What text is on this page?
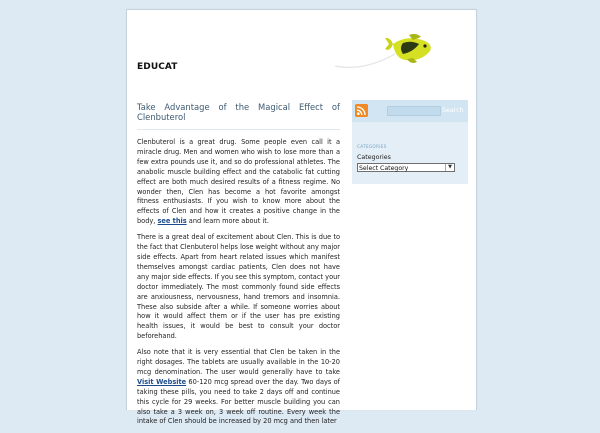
EDUCAT
Take Advantage of the Magical Effect of Clenbuterol

Clenbuterol is a great drug. Some people even call it a miracle drug. Men and women who wish to lose more than a few extra pounds use it, and so do professional athletes. The anabolic muscle building effect and the catabolic fat cutting effect are both much desired results of a fitness regime. No wonder then, Clen has become a hot favorite amongst fitness enthusiasts. If you wish to know more about the effects of Clen and how it creates a positive change in the body, see this and learn more about it.

There is a great deal of excitement about Clen. This is due to the fact that Clenbuterol helps lose weight without any major side effects. Apart from heart related issues which manifest themselves amongst cardiac patients, Clen does not have any major side effects. If you see this symptom, contact your doctor immediately. The most commonly found side effects are anxiousness, nervousness, hand tremors and insomnia. These also subside after a while. If someone worries about how it would affect them or if the user has pre existing health issues, it would be best to consult your doctor beforehand.

Also note that it is very essential that Clen be taken in the right dosages. The tablets are usually available in the 10-20 mcg denomination. The user would generally have to take Visit Website 60-120 mcg spread over the day. Two days of taking these pills, you need to take 2 days off and continue this cycle for 29 weeks. For better muscle building you can also take a 3 week on, 3 week off routine. Every week the intake of Clen should be increased by 20 mcg and then later

Search
CATEGORIES
Categories
Select Category	▼
